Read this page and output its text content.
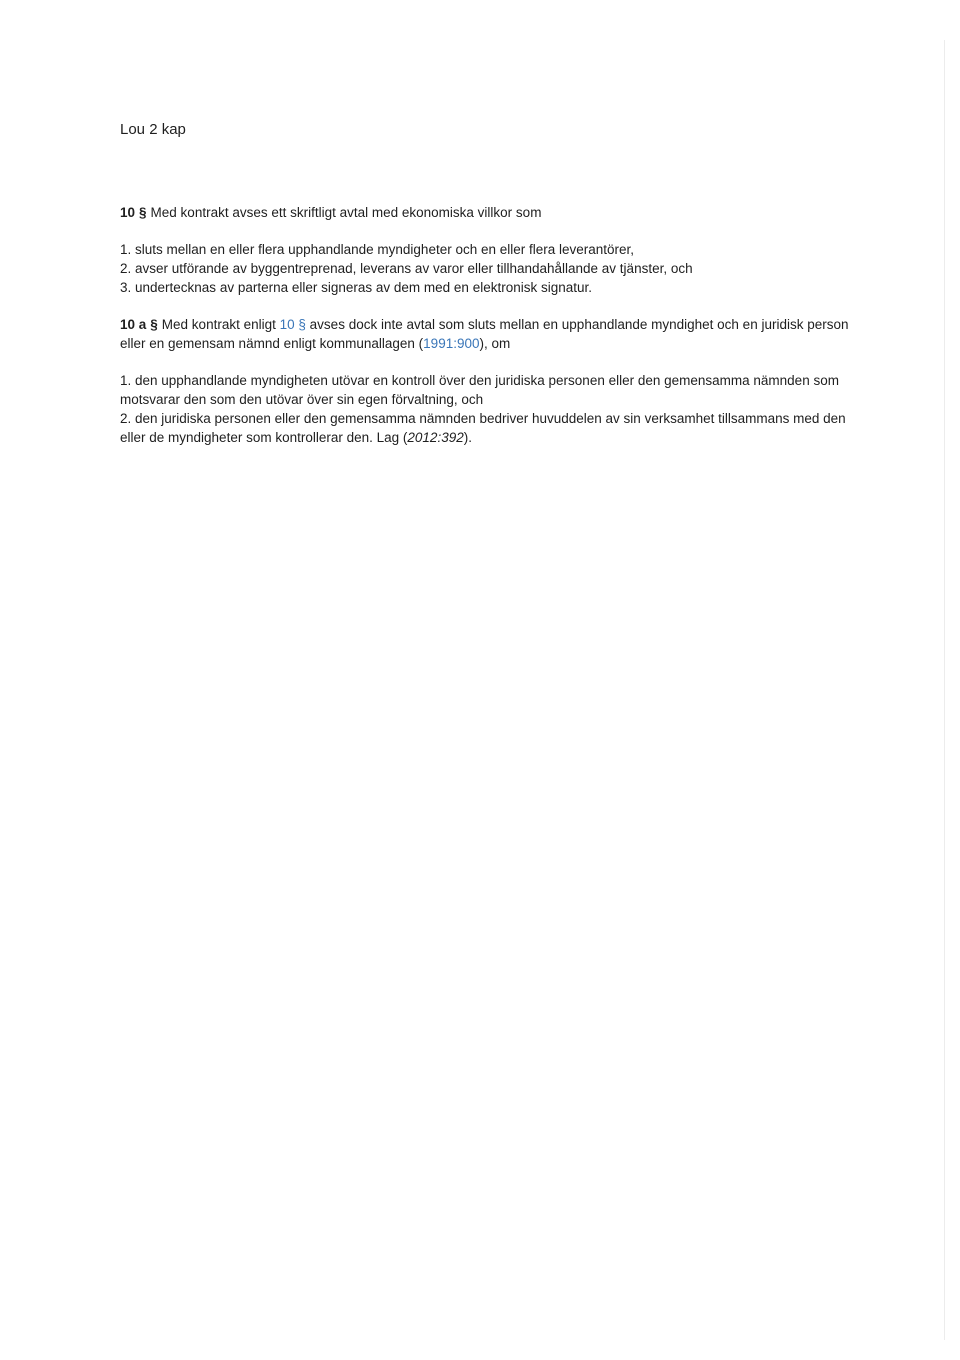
Lou 2 kap

10 § Med kontrakt avses ett skriftligt avtal med ekonomiska villkor som

1. sluts mellan en eller flera upphandlande myndigheter och en eller flera leverantörer,

2. avser utförande av byggentreprenad, leverans av varor eller tillhandahållande av tjänster, och

3. undertecknas av parterna eller signeras av dem med en elektronisk signatur.

10 a § Med kontrakt enligt 10 § avses dock inte avtal som sluts mellan en upphandlande myndighet och en juridisk person eller en gemensam nämnd enligt kommunallagen (1991:900), om

1. den upphandlande myndigheten utövar en kontroll över den juridiska personen eller den gemensamma nämnden som motsvarar den som den utövar över sin egen förvaltning, och

2. den juridiska personen eller den gemensamma nämnden bedriver huvuddelen av sin verksamhet tillsammans med den eller de myndigheter som kontrollerar den. Lag (2012:392).
